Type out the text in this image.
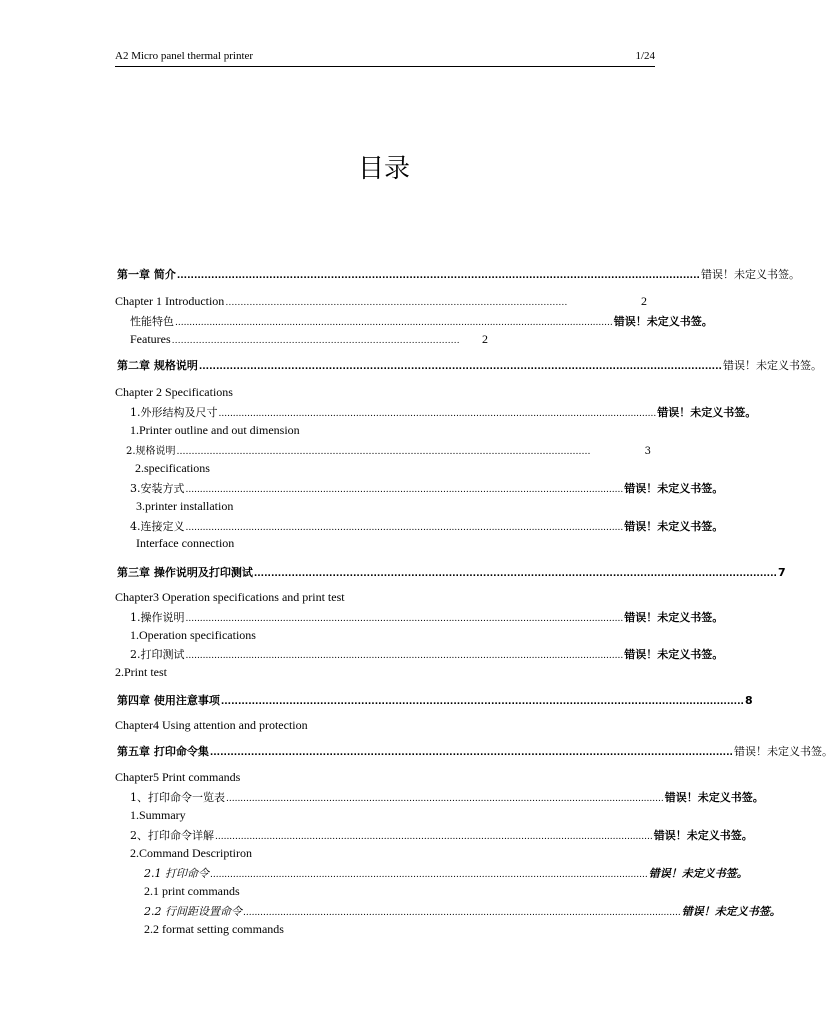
A2 Micro panel thermal printer	1/24
目录
第一章 简介 ......................................................................................................................................................... 错误！未定义书签。
Chapter 1 Introduction ……………………………………………………………………………………………………	2
性能特色 ......................................................................................................................................................... 错误！未定义书签。
Features ……………………………………………………………………………………	2
第二章 规格说明 ......................................................................................................................................................... 错误！未定义书签。
Chapter 2 Specifications
1.外形结构及尺寸 ......................................................................................................................................................... 错误！未定义书签。
1.Printer outline and out dimension
2.规格说明 …………………………………………………………………………………………………………………………	3
2.specifications
3.安装方式 ......................................................................................................................................................... 错误！未定义书签。
3.printer installation
4.连接定义 ......................................................................................................................................................... 错误！未定义书签。
Interface connection
第三章 操作说明及打印测试 ......................................................................................................................................................... 7
Chapter3 Operation specifications and print test
1.操作说明 ......................................................................................................................................................... 错误！未定义书签。
1.Operation specifications
2.打印测试 ......................................................................................................................................................... 错误！未定义书签。
2.Print test
第四章 使用注意事项 ......................................................................................................................................................... 8
Chapter4 Using attention and protection
第五章 打印命令集 ......................................................................................................................................................... 错误！未定义书签。
Chapter5 Print commands
1、打印命令一览表 ......................................................................................................................................................... 错误！未定义书签。
1.Summary
2、打印命令详解 ......................................................................................................................................................... 错误！未定义书签。
2.Command Descriptiron
2.1 打印命令 ......................................................................................................................................................... 错误！未定义书签。
2.1 print commands
2.2 行间距设置命令 ......................................................................................................................................................... 错误！未定义书签。
2.2 format setting commands
